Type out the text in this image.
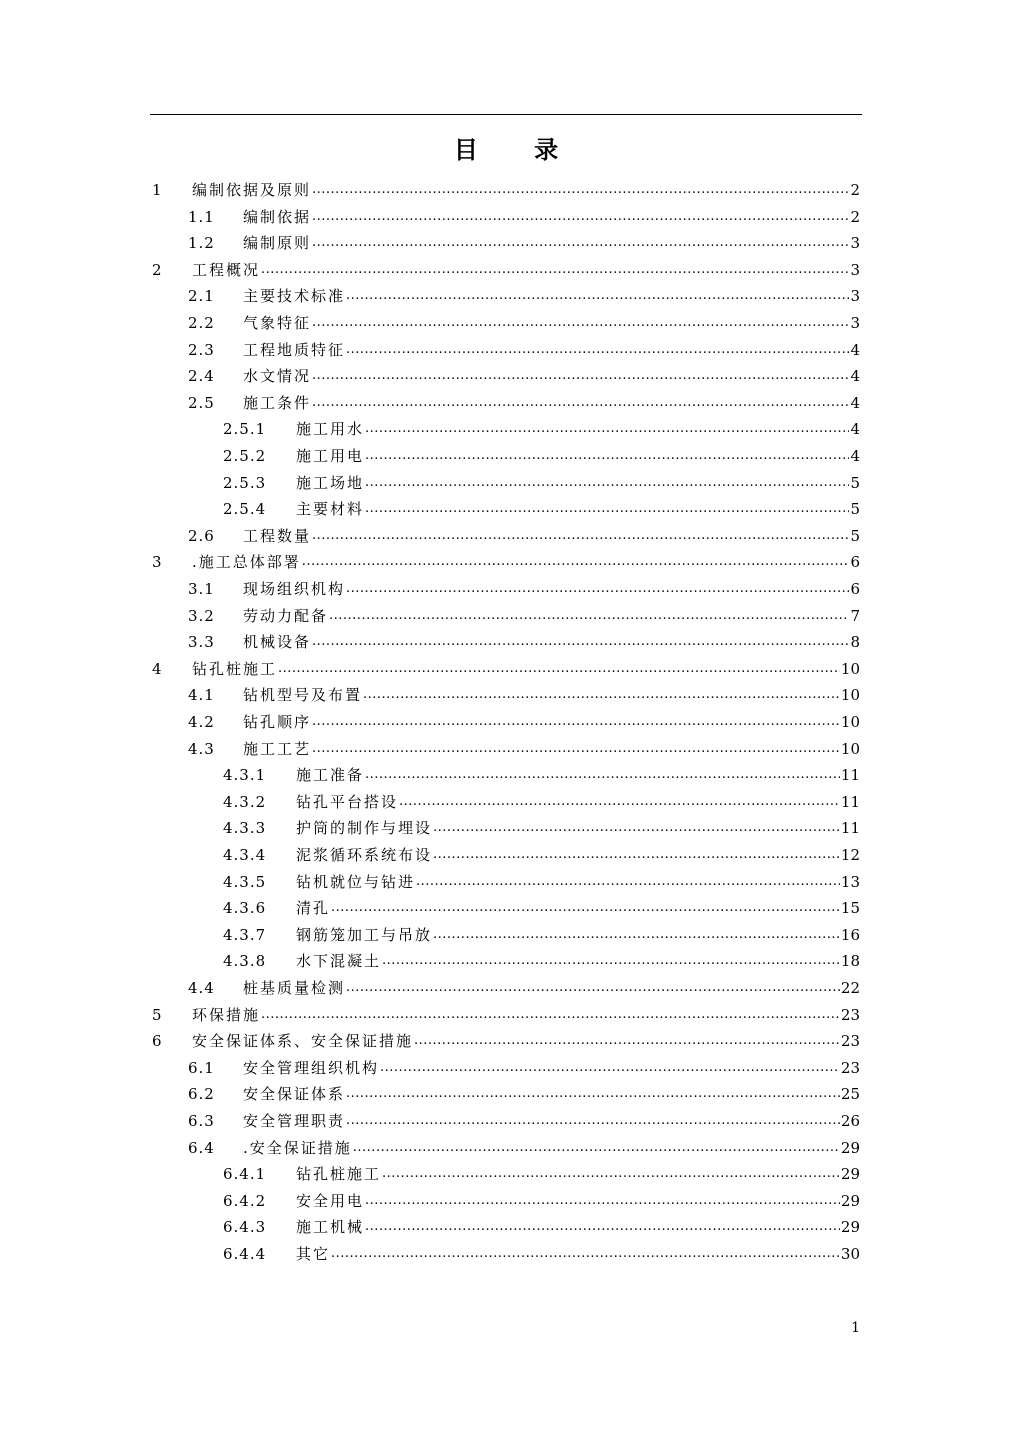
目 录
1	编制依据及原则 .....	2
1.1	编制依据 .....	2
1.2	编制原则 .....	3
2	工程概况 .....	3
2.1	主要技术标准 .....	3
2.2	气象特征 .....	3
2.3	工程地质特征 .....	4
2.4	水文情况 .....	4
2.5	施工条件 .....	4
2.5.1	施工用水 .....	4
2.5.2	施工用电 .....	4
2.5.3	施工场地 .....	5
2.5.4	主要材料 .....	5
2.6	工程数量 .....	5
3	.施工总体部署 .....	6
3.1	现场组织机构 .....	6
3.2	劳动力配备 .....	7
3.3	机械设备 .....	8
4	钻孔桩施工 .....	10
4.1	钻机型号及布置 .....	10
4.2	钻孔顺序 .....	10
4.3	施工工艺 .....	10
4.3.1	施工准备 .....	11
4.3.2	钻孔平台搭设 .....	11
4.3.3	护筒的制作与埋设 .....	11
4.3.4	泥浆循环系统布设 .....	12
4.3.5	钻机就位与钻进 .....	13
4.3.6	清孔 .....	15
4.3.7	钢筋笼加工与吊放 .....	16
4.3.8	水下混凝土 .....	18
4.4	桩基质量检测 .....	22
5	环保措施 .....	23
6	安全保证体系、安全保证措施 .....	23
6.1	安全管理组织机构 .....	23
6.2	安全保证体系 .....	25
6.3	安全管理职责 .....	26
6.4	.安全保证措施 .....	29
6.4.1	钻孔桩施工 .....	29
6.4.2	安全用电 .....	29
6.4.3	施工机械 .....	29
6.4.4	其它 .....	30
1
